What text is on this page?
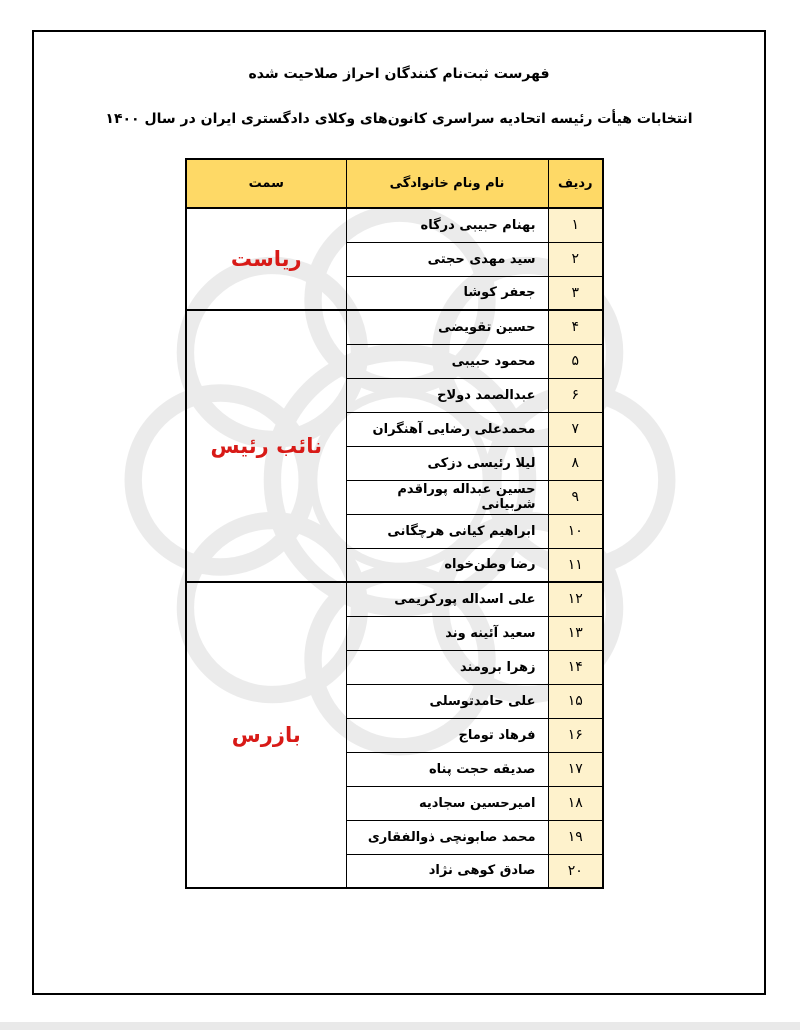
فهرست ثبت‌نام کنندگان احراز صلاحیت شده
انتخابات هیأت رئیسه اتحادیه سراسری کانون‌های وکلای دادگستری ایران در سال ۱۴۰۰
ردیف	نام ونام خانوادگی	سمت
۱	بهنام حبیبی درگاه	ریاست
۲	سید مهدی حجتی	
۳	جعفر کوشا	
۴	حسین تقویضی	نائب رئیس
۵	محمود حبیبی	
۶	عبدالصمد دولاح	
۷	محمدعلی رضایی آهنگران	
۸	لیلا رئیسی دزکی	
۹	حسین عبداله پوراقدم شربیانی	
۱۰	ابراهیم کیانی هرچگانی	
۱۱	رضا وطن‌خواه	
۱۲	علی اسداله پورکریمی	بازرس
۱۳	سعید آئینه وند	
۱۴	زهرا برومند	
۱۵	علی حامدتوسلی	
۱۶	فرهاد توماج	
۱۷	صدیقه حجت پناه	
۱۸	امیرحسین سجادیه	
۱۹	محمد صابونچی ذوالفقاری	
۲۰	صادق کوهی نژاد	
